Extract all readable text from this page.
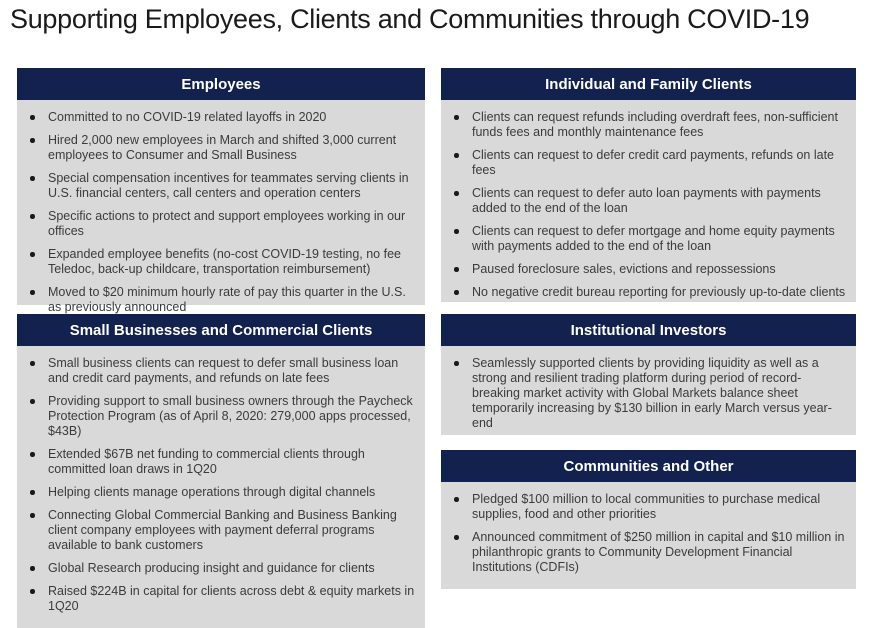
Supporting Employees, Clients and Communities through COVID-19
Employees
Committed to no COVID-19 related layoffs in 2020
Hired 2,000 new employees in March and shifted 3,000 current employees to Consumer and Small Business
Special compensation incentives for teammates serving clients in U.S. financial centers, call centers and operation centers
Specific actions to protect and support employees working in our offices
Expanded employee benefits (no-cost COVID-19 testing, no fee Teledoc, back-up childcare, transportation reimbursement)
Moved to $20 minimum hourly rate of pay this quarter in the U.S. as previously announced
Small Businesses and Commercial Clients
Small business clients can request to defer small business loan and credit card payments, and refunds on late fees
Providing support to small business owners through the Paycheck Protection Program (as of April 8, 2020: 279,000 apps processed, $43B)
Extended $67B net funding to commercial clients through committed loan draws in 1Q20
Helping clients manage operations through digital channels
Connecting Global Commercial Banking and Business Banking client company employees with payment deferral programs available to bank customers
Global Research producing insight and guidance for clients
Raised $224B in capital for clients across debt & equity markets in 1Q20
Individual and Family Clients
Clients can request refunds including overdraft fees, non-sufficient funds fees and monthly maintenance fees
Clients can request to defer credit card payments, refunds on late fees
Clients can request to defer auto loan payments with payments added to the end of the loan
Clients can request to defer mortgage and home equity payments with payments added to the end of the loan
Paused foreclosure sales, evictions and repossessions
No negative credit bureau reporting for previously up-to-date clients
Institutional Investors
Seamlessly supported clients by providing liquidity as well as a strong and resilient trading platform during period of record-breaking market activity with Global Markets balance sheet temporarily increasing by $130 billion in early March versus year-end
Communities and Other
Pledged $100 million to local communities to purchase medical supplies, food and other priorities
Announced commitment of $250 million in capital and $10 million in philanthropic grants to Community Development Financial Institutions (CDFIs)
